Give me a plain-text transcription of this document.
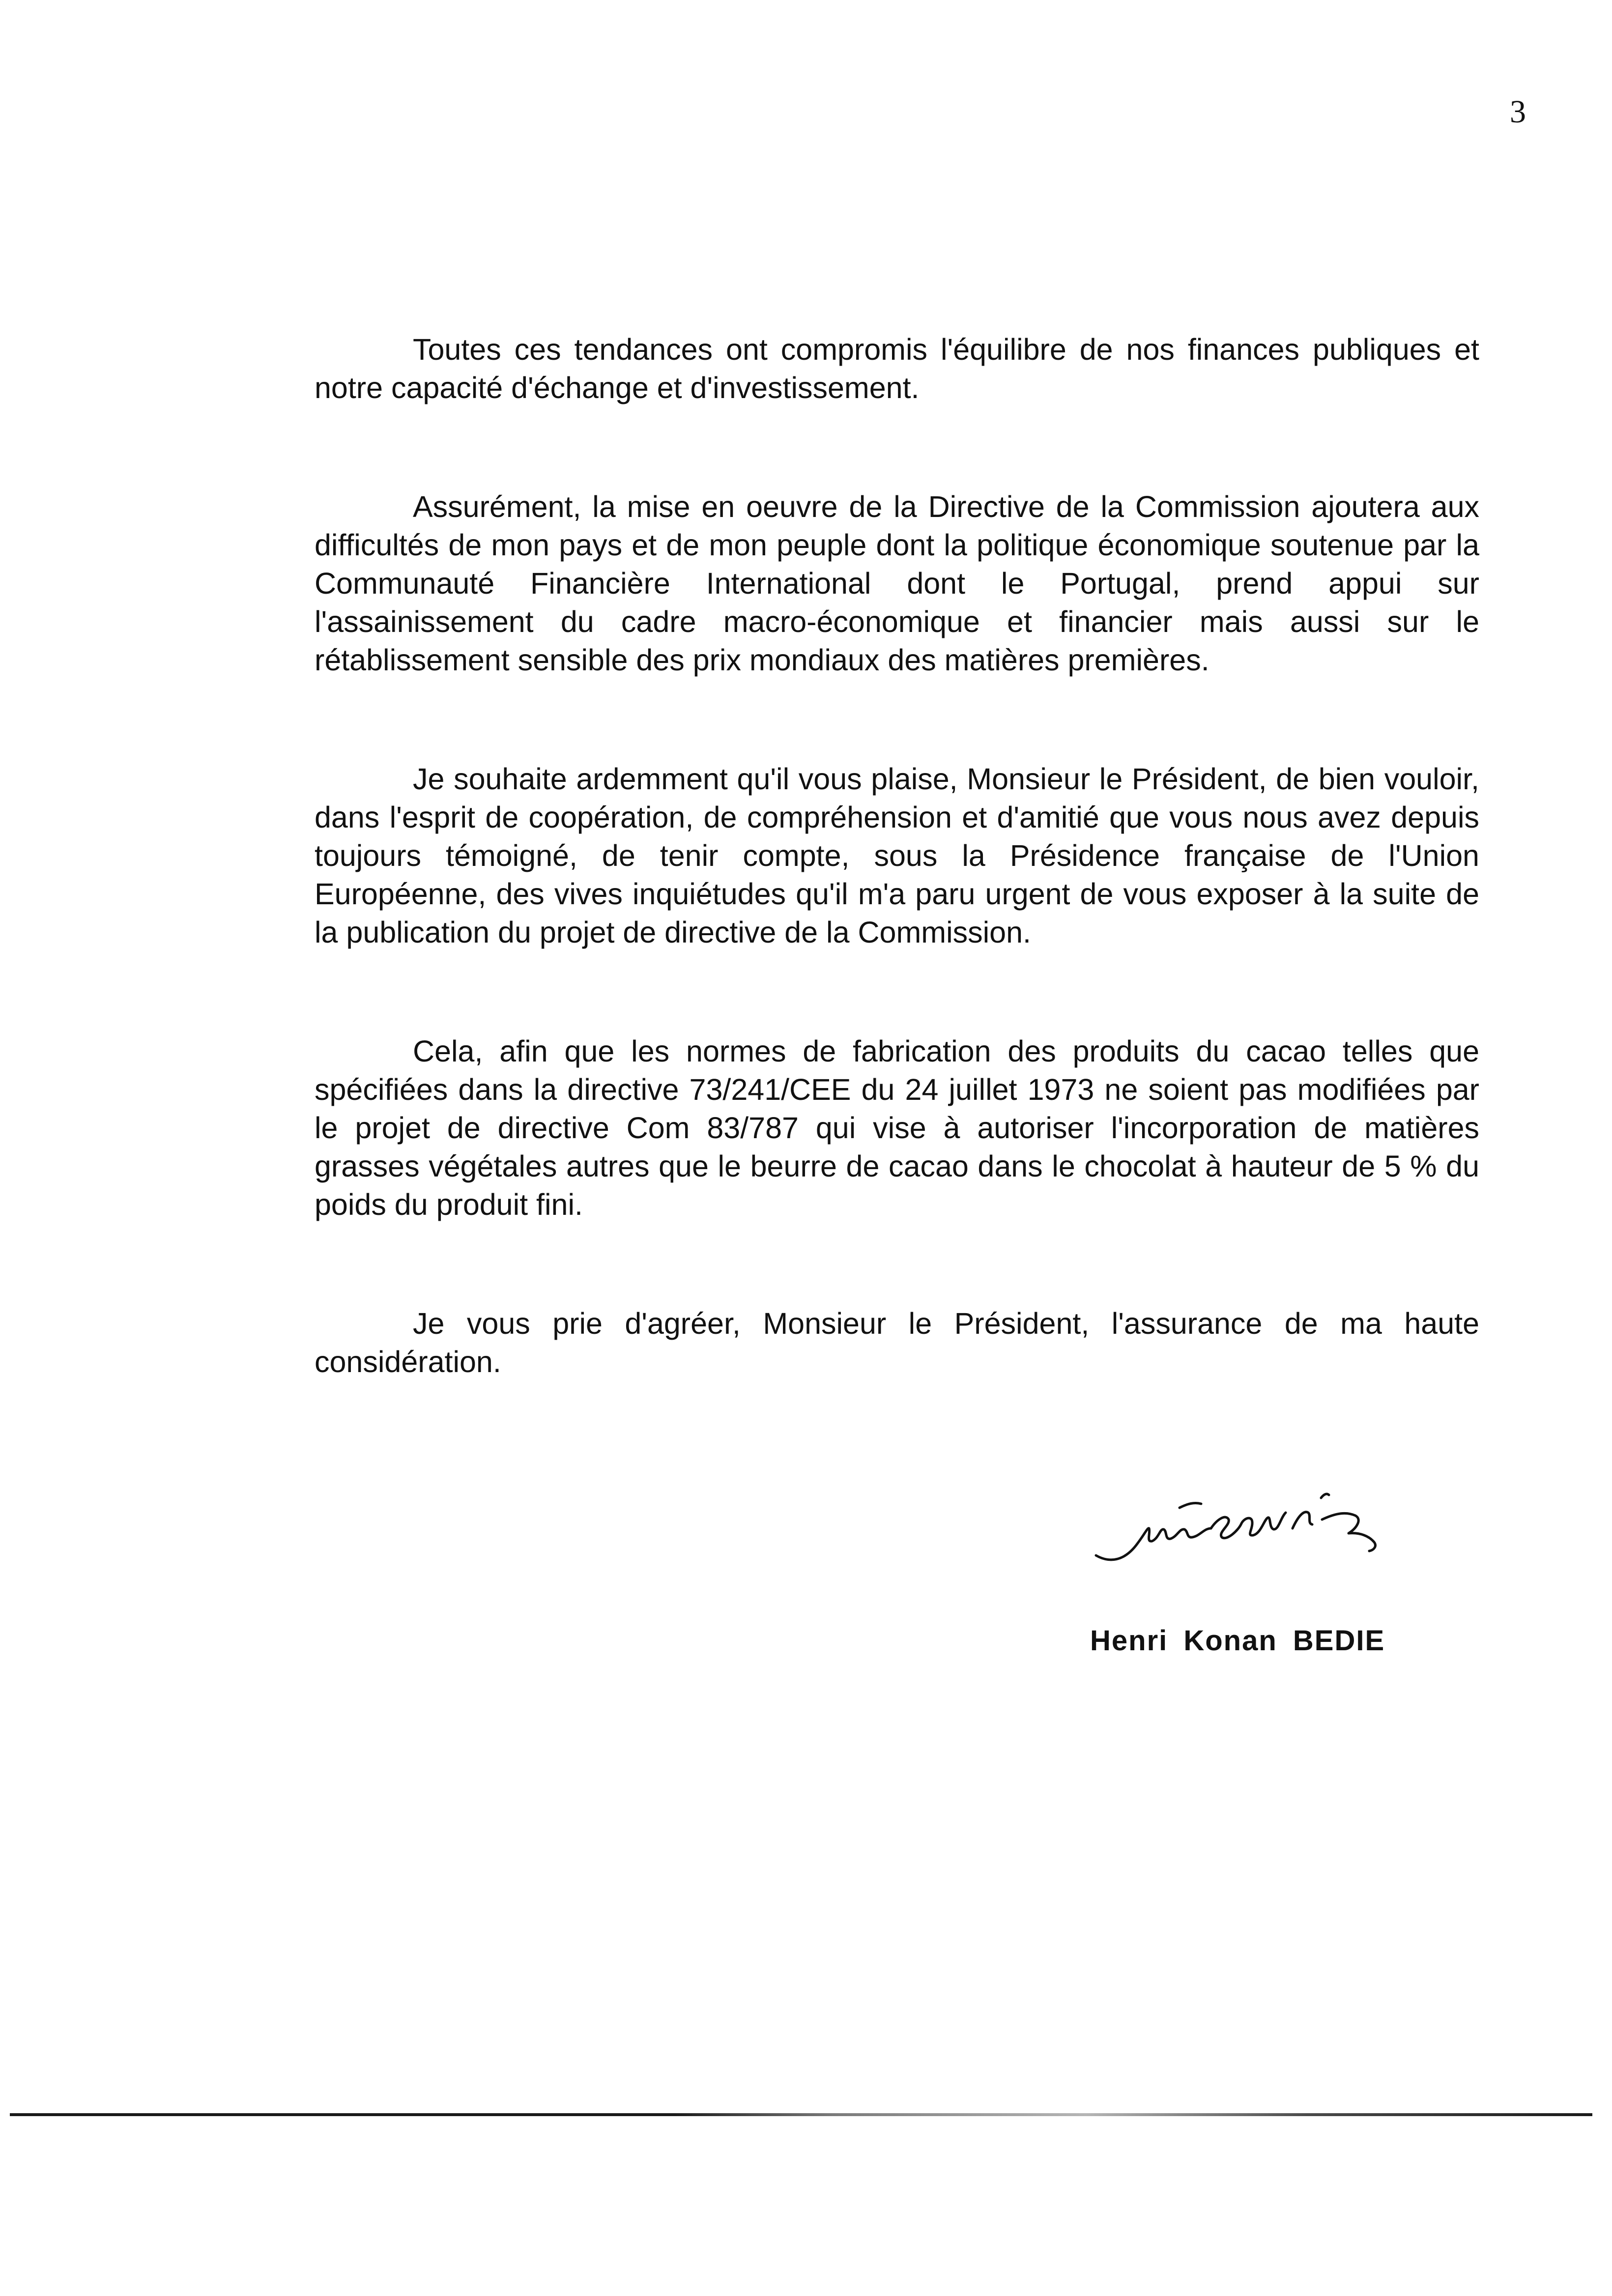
3

Toutes ces tendances ont compromis l'équilibre de nos finances publiques et notre capacité d'échange et d'investissement.

Assurément, la mise en oeuvre de la Directive de la Commission ajoutera aux difficultés de mon pays et de mon peuple dont la politique économique soutenue par la Communauté Financière International dont le Portugal, prend appui sur l'assainissement du cadre macro-économique et financier mais aussi sur le rétablissement sensible des prix mondiaux des matières premières.

Je souhaite ardemment qu'il vous plaise, Monsieur le Président, de bien vouloir, dans l'esprit de coopération, de compréhension et d'amitié que vous nous avez depuis toujours témoigné, de tenir compte, sous la Présidence française de l'Union Européenne, des vives inquiétudes qu'il m'a paru urgent de vous exposer à la suite de la publication du projet de directive de la Commission.

Cela, afin que les normes de fabrication des produits du cacao telles que spécifiées dans la directive 73/241/CEE du 24 juillet 1973 ne soient pas modifiées par le projet de directive Com 83/787 qui vise à autoriser l'incorporation de matières grasses végétales autres que le beurre de cacao dans le chocolat à hauteur de 5 % du poids du produit fini.

Je vous prie d'agréer, Monsieur le Président, l'assurance de ma haute considération.

Henri Konan BEDIE
